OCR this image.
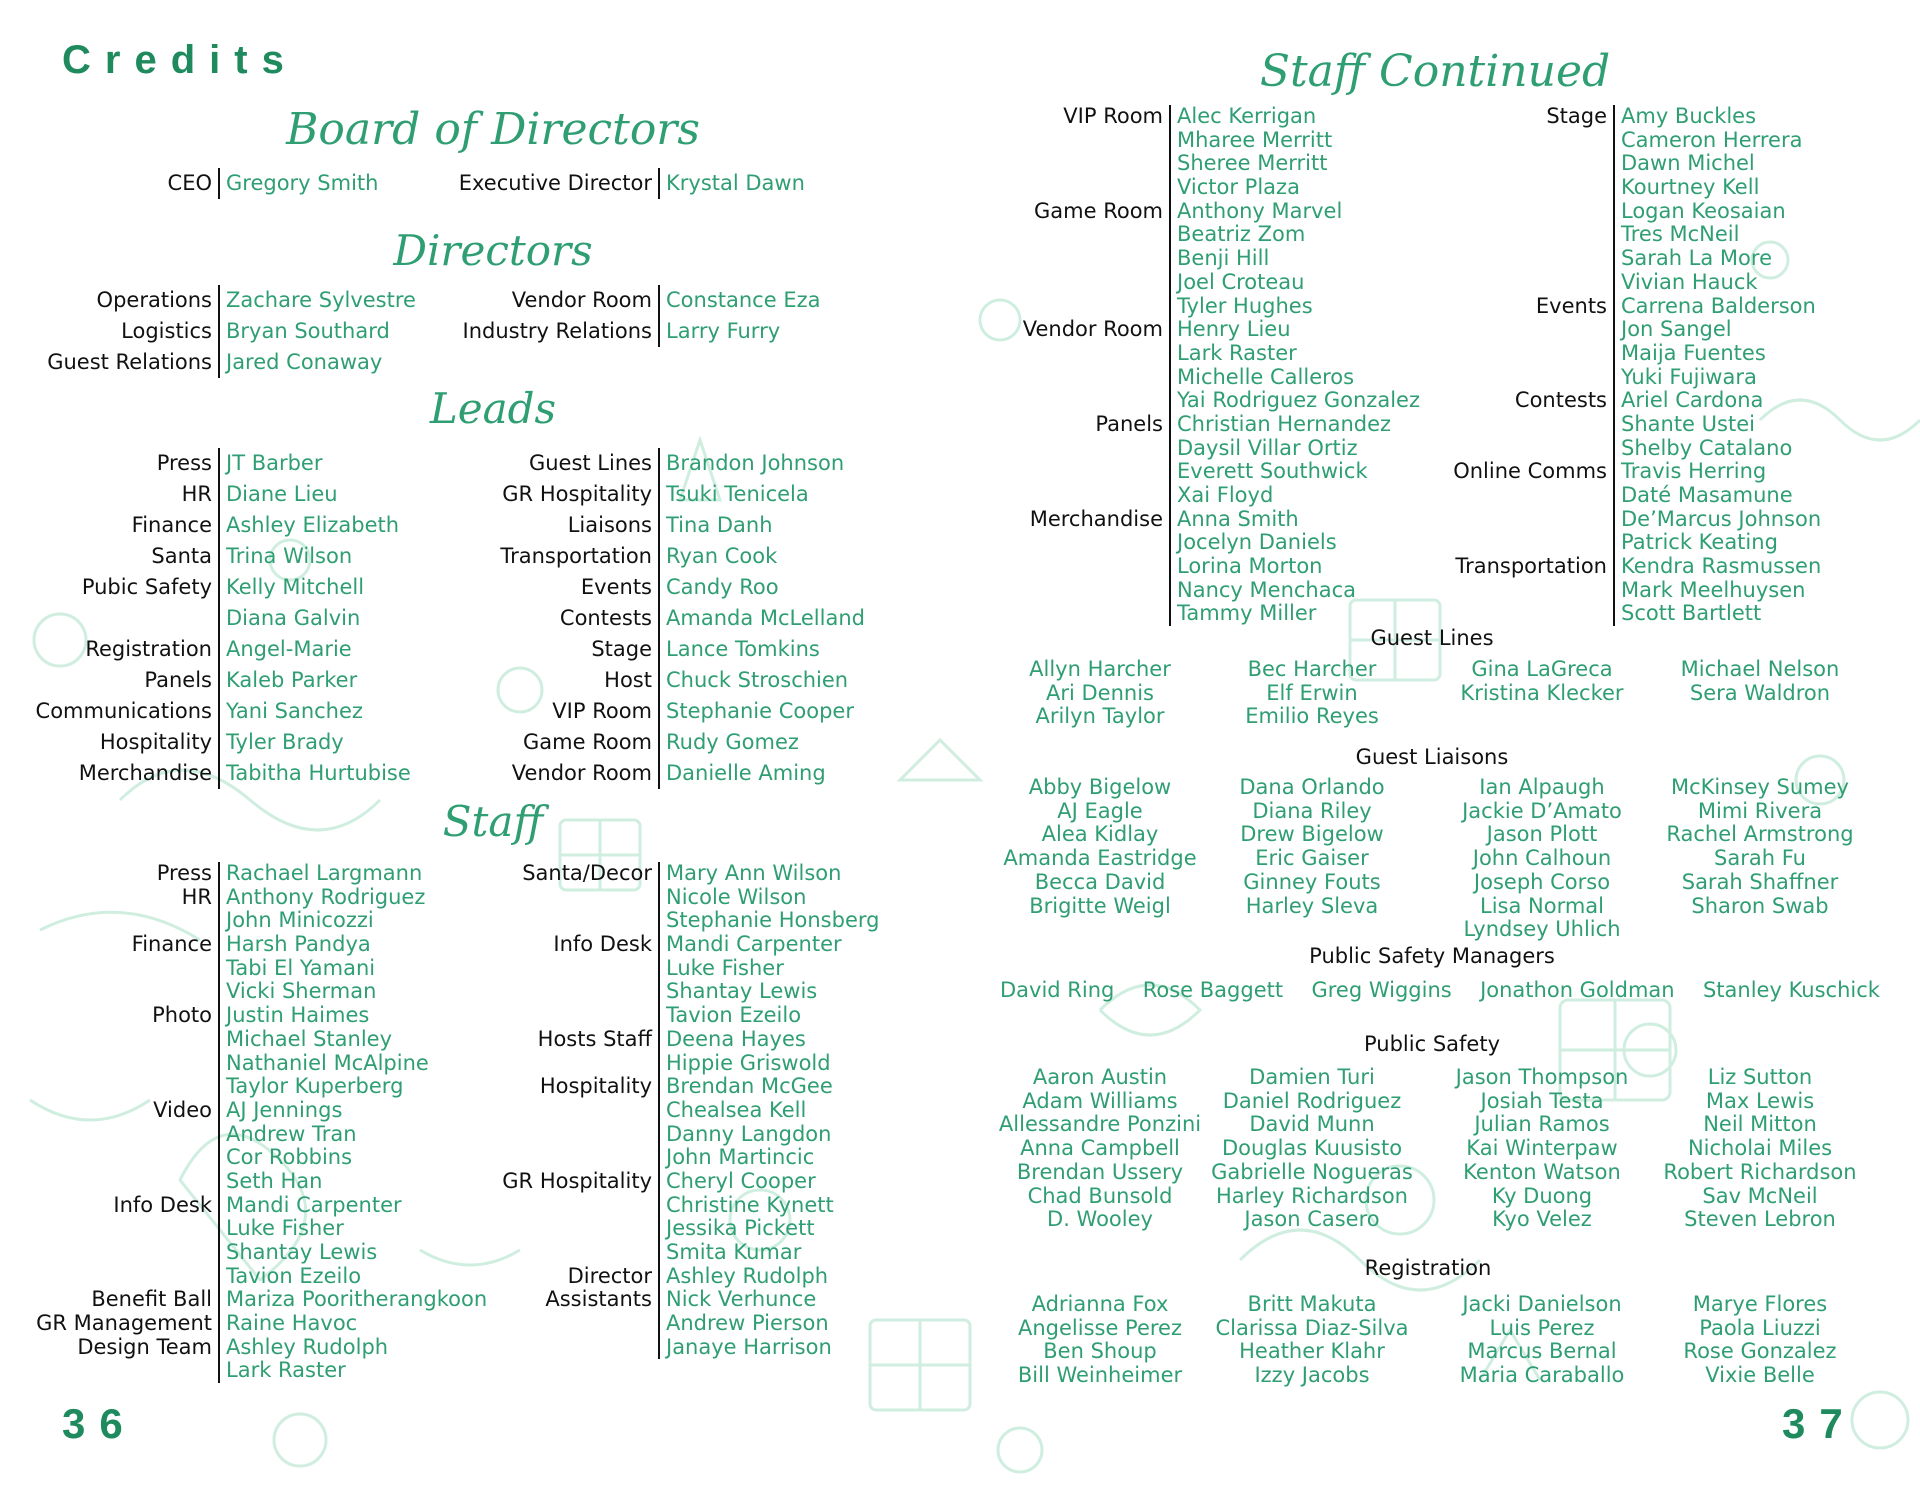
Credits
Board of Directors
Directors
Leads
Staff
CEO Gregory Smith	Executive Director Krystal Dawn
Operations
Logistics
Guest Relations
Zachare Sylvestre
Bryan Southard
Jared Conaway
Vendor Room
Industry Relations
Constance Eza
Larry Furry
Press
HR
Finance
Santa
Pubic Safety
Registration
Panels
Communications
Hospitality
Merchandise
JT Barber
Diane Lieu
Ashley Elizabeth
Trina Wilson
Kelly Mitchell
Diana Galvin
Angel-Marie
Kaleb Parker
Yani Sanchez
Tyler Brady
Tabitha Hurtubise
Guest Lines
GR Hospitality
Liaisons
Transportation
Events
Contests
Stage
Host
VIP Room
Game Room
Vendor Room
Brandon Johnson
Tsuki Tenicela
Tina Danh
Ryan Cook
Candy Roo
Amanda McLelland
Lance Tomkins
Chuck Stroschien
Stephanie Cooper
Rudy Gomez
Danielle Aming
Press
HR
Finance
Photo
Video
Info Desk
Benefit Ball
GR Management
Design Team
Rachael Largmann
Anthony Rodriguez
John Minicozzi
Harsh Pandya
Tabi El Yamani
Vicki Sherman
Justin Haimes
Michael Stanley
Nathaniel McAlpine
Taylor Kuperberg
AJ Jennings
Andrew Tran
Cor Robbins
Seth Han
Mandi Carpenter
Luke Fisher
Shantay Lewis
Tavion Ezeilo
Mariza Pooritherangkoon
Raine Havoc
Ashley Rudolph
Lark Raster
Santa/Decor
Info Desk
Hosts Staff
Hospitality
GR Hospitality
Director
Assistants
Mary Ann Wilson
Nicole Wilson
Stephanie Honsberg
Mandi Carpenter
Luke Fisher
Shantay Lewis
Tavion Ezeilo
Deena Hayes
Hippie Griswold
Brendan McGee
Chealsea Kell
Danny Langdon
John Martincic
Cheryl Cooper
Christine Kynett
Jessika Pickett
Smita Kumar
Ashley Rudolph
Nick Verhunce
Andrew Pierson
Janaye Harrison
36
Staff Continued
VIP Room
Game Room
Vendor Room
Panels
Merchandise
Alec Kerrigan
Mharee Merritt
Sheree Merritt
Victor Plaza
Anthony Marvel
Beatriz Zom
Benji Hill
Joel Croteau
Tyler Hughes
Henry Lieu
Lark Raster
Michelle Calleros
Yai Rodriguez Gonzalez
Christian Hernandez
Daysil Villar Ortiz
Everett Southwick
Xai Floyd
Anna Smith
Jocelyn Daniels
Lorina Morton
Nancy Menchaca
Tammy Miller
Stage
Events
Contests
Online Comms
Transportation
Amy Buckles
Cameron Herrera
Dawn Michel
Kourtney Kell
Logan Keosaian
Tres McNeil
Sarah La More
Vivian Hauck
Carrena Balderson
Jon Sangel
Maija Fuentes
Yuki Fujiwara
Ariel Cardona
Shante Ustei
Shelby Catalano
Travis Herring
Daté Masamune
De’Marcus Johnson
Patrick Keating
Kendra Rasmussen
Mark Meelhuysen
Scott Bartlett
Guest Lines
Guest Liaisons
Public Safety Managers
Public Safety
Registration
Allyn Harcher
Ari Dennis
Arilyn Taylor
Bec Harcher
Elf Erwin
Emilio Reyes
Gina LaGreca
Kristina Klecker
Michael Nelson
Sera Waldron
Abby Bigelow
AJ Eagle
Alea Kidlay
Amanda Eastridge
Becca David
Brigitte Weigl
Dana Orlando
Diana Riley
Drew Bigelow
Eric Gaiser
Ginney Fouts
Harley Sleva
Ian Alpaugh
Jackie D’Amato
Jason Plott
John Calhoun
Joseph Corso
Lisa Normal
Lyndsey Uhlich
McKinsey Sumey
Mimi Rivera
Rachel Armstrong
Sarah Fu
Sarah Shaffner
Sharon Swab
David Ring Rose Baggett Greg Wiggins Jonathon Goldman Stanley Kuschick
Aaron Austin
Adam Williams
Allessandre Ponzini
Anna Campbell
Brendan Ussery
Chad Bunsold
D. Wooley
Damien Turi
Daniel Rodriguez
David Munn
Douglas Kuusisto
Gabrielle Nogueras
Harley Richardson
Jason Casero
Jason Thompson
Josiah Testa
Julian Ramos
Kai Winterpaw
Kenton Watson
Ky Duong
Kyo Velez
Liz Sutton
Max Lewis
Neil Mitton
Nicholai Miles
Robert Richardson
Sav McNeil
Steven Lebron
Adrianna Fox
Angelisse Perez
Ben Shoup
Bill Weinheimer
Britt Makuta
Clarissa Diaz-Silva
Heather Klahr
Izzy Jacobs
Jacki Danielson
Luis Perez
Marcus Bernal
Maria Caraballo
Marye Flores
Paola Liuzzi
Rose Gonzalez
Vixie Belle
37
